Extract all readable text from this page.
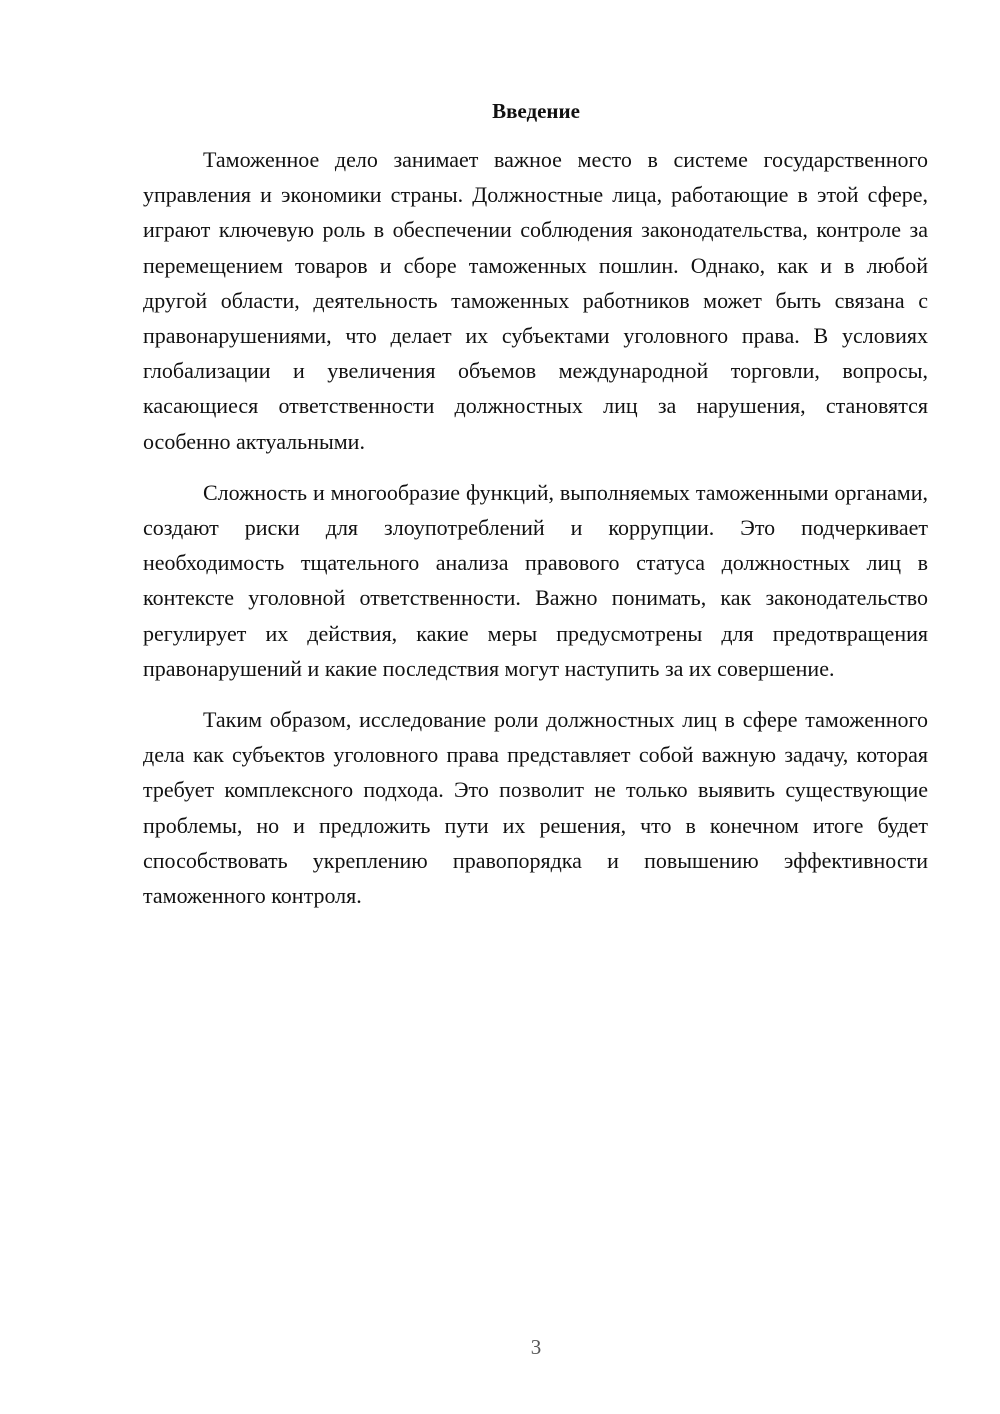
Введение

Таможенное дело занимает важное место в системе государственного управления и экономики страны. Должностные лица, работающие в этой сфере, играют ключевую роль в обеспечении соблюдения законодательства, контроле за перемещением товаров и сборе таможенных пошлин. Однако, как и в любой другой области, деятельность таможенных работников может быть связана с правонарушениями, что делает их субъектами уголовного права. В условиях глобализации и увеличения объемов международной торговли, вопросы, касающиеся ответственности должностных лиц за нарушения, становятся особенно актуальными.

Сложность и многообразие функций, выполняемых таможенными органами, создают риски для злоупотреблений и коррупции. Это подчеркивает необходимость тщательного анализа правового статуса должностных лиц в контексте уголовной ответственности. Важно понимать, как законодательство регулирует их действия, какие меры предусмотрены для предотвращения правонарушений и какие последствия могут наступить за их совершение.

Таким образом, исследование роли должностных лиц в сфере таможенного дела как субъектов уголовного права представляет собой важную задачу, которая требует комплексного подхода. Это позволит не только выявить существующие проблемы, но и предложить пути их решения, что в конечном итоге будет способствовать укреплению правопорядка и повышению эффективности таможенного контроля.

3
